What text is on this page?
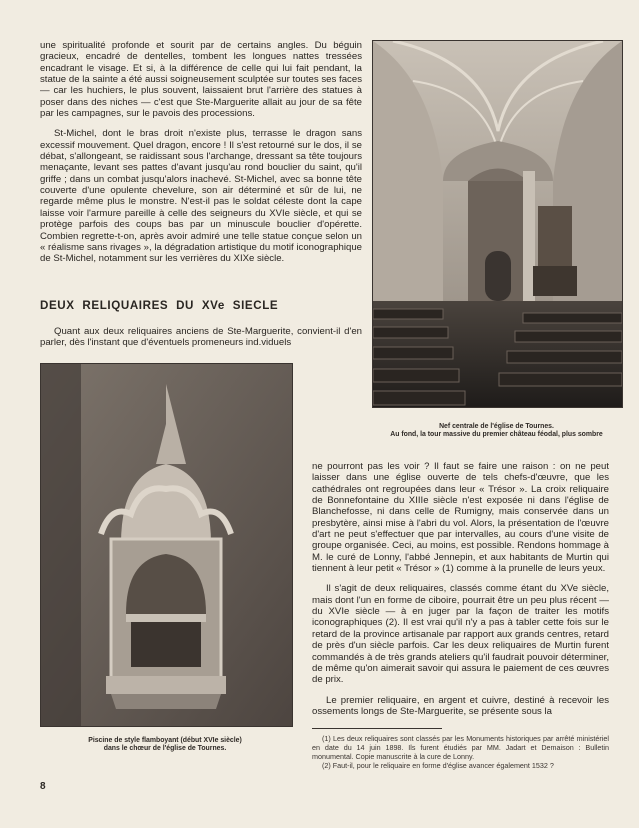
une spiritualité profonde et sourit par de certains angles. Du béguin gracieux, encadré de dentelles, tombent les longues nattes tressées encadrant le visage. Et si, à la différence de celle qui lui fait pendant, la statue de la sainte a été aussi soigneusement sculptée sur toutes ses faces — car les huchiers, le plus souvent, laissaient brut l'arrière des statues à poser dans des niches — c'est que Ste-Marguerite allait au jour de sa fête par les campagnes, sur le pavois des processions.

St-Michel, dont le bras droit n'existe plus, terrasse le dragon sans excessif mouvement. Quel dragon, encore ! Il s'est retourné sur le dos, il se débat, s'allongeant, se raidissant sous l'archange, dressant sa tête toujours menaçante, levant ses pattes d'avant jusqu'au rond bouclier du saint, qu'il griffe ; dans un combat jusqu'alors inachevé. St-Michel, avec sa bonne tête couverte d'une opulente chevelure, son air déterminé et sûr de lui, ne regarde même plus le monstre. N'est-il pas le soldat céleste dont la cape laisse voir l'armure pareille à celle des seigneurs du XVIe siècle, et qui se protège parfois des coups bas par un minuscule bouclier d'opérette. Combien regrette-t-on, après avoir admiré une telle statue conçue selon un « réalisme sans rivages », la dégradation artistique du motif iconographique de St-Michel, notamment sur les verrières du XIXe siècle.

DEUX RELIQUAIRES DU XVe SIECLE

Quant aux deux reliquaires anciens de Ste-Marguerite, convient-il d'en parler, dès l'instant que d'éventuels promeneurs ind.viduels

Nef centrale de l'église de Tournes.
Au fond, la tour massive du premier château féodal, plus sombre
Piscine de style flamboyant (début XVIe siècle)
dans le chœur de l'église de Tournes.

ne pourront pas les voir ? Il faut se faire une raison : on ne peut laisser dans une église ouverte de tels chefs-d'œuvre, que les cathédrales ont regroupées dans leur « Trésor ». La croix reliquaire de Bonnefontaine du XIIIe siècle n'est exposée ni dans l'église de Blanchefosse, ni dans celle de Rumigny, mais conservée dans un presbytère, ainsi mise à l'abri du vol. Alors, la présentation de l'œuvre d'art ne peut s'effectuer que par intervalles, au cours d'une visite de groupe organisée. Ceci, au moins, est possible. Rendons hommage à M. le curé de Lonny, l'abbé Jennepin, et aux habitants de Murtin qui tiennent à leur petit « Trésor » (1) comme à la prunelle de leurs yeux.

Il s'agit de deux reliquaires, classés comme étant du XVe siècle, mais dont l'un en forme de ciboire, pourrait être un peu plus récent — du XVIe siècle — à en juger par la façon de traiter les motifs iconographiques (2). Il est vrai qu'il n'y a pas à tabler cette fois sur le retard de la province artisanale par rapport aux grands centres, retard de près d'un siècle parfois. Car les deux reliquaires de Murtin furent commandés à de très grands ateliers qu'il faudrait pouvoir déterminer, de même qu'on aimerait savoir qui assura le paiement de ces œuvres de prix.

Le premier reliquaire, en argent et cuivre, destiné à recevoir les ossements longs de Ste-Marguerite, se présente sous la

(1) Les deux reliquaires sont classés par les Monuments historiques par arrêté ministériel en date du 14 juin 1898. Ils furent étudiés par MM. Jadart et Demaison : Bulletin monumental. Copie manuscrite à la cure de Lonny.

(2) Faut-il, pour le reliquaire en forme d'église avancer également 1532 ?

8
